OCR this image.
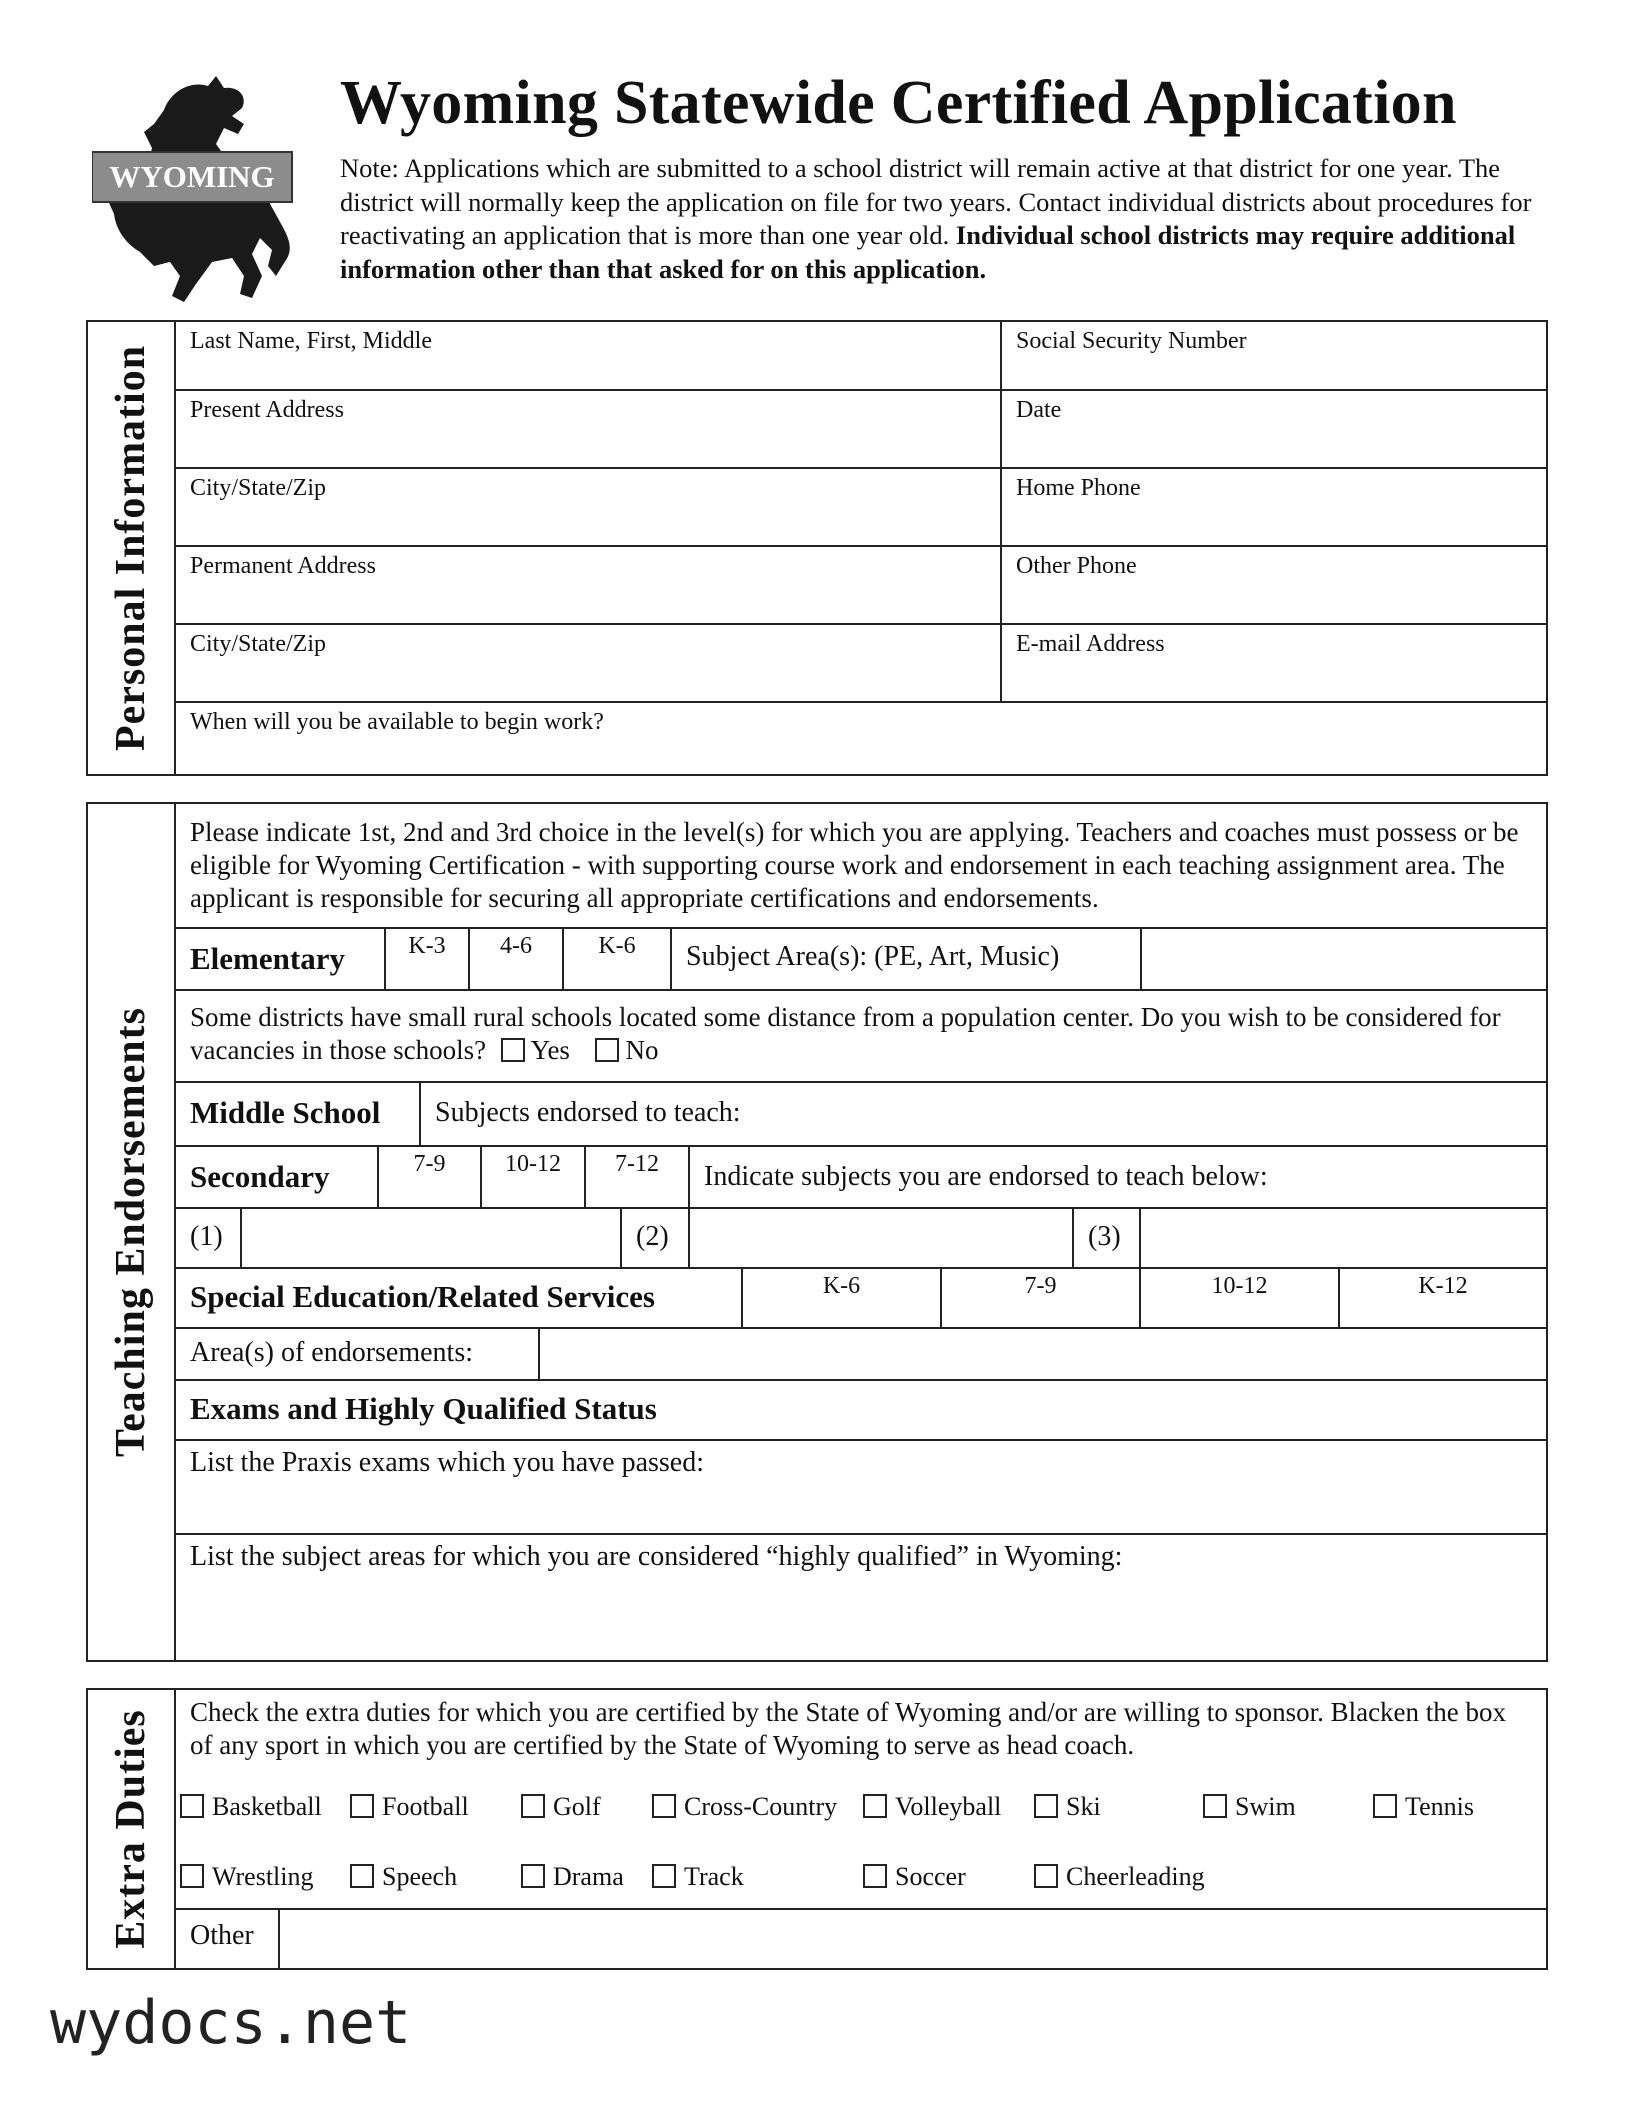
WYOMING
Wyoming Statewide Certified Application
Note: Applications which are submitted to a school district will remain active at that district for one year. The district will normally keep the application on file for two years. Contact individual districts about procedures for reactivating an application that is more than one year old. Individual school districts may require additional information other than that asked for on this application.
Personal Information
Last Name, First, Middle	Social Security Number
Present Address	Date
City/State/Zip	Home Phone
Permanent Address	Other Phone
City/State/Zip	E-mail Address
When will you be available to begin work?
Teaching Endorsements
Please indicate 1st, 2nd and 3rd choice in the level(s) for which you are applying. Teachers and coaches must possess or be eligible for Wyoming Certification - with supporting course work and endorsement in each teaching assignment area. The applicant is responsible for securing all appropriate certifications and endorsements.
Elementary	K-3	4-6	K-6	Subject Area(s): (PE, Art, Music)
Some districts have small rural schools located some distance from a population center. Do you wish to be considered for vacancies in those schools? Yes No
Middle School Subjects endorsed to teach:
Secondary	7-9	10-12	7-12	Indicate subjects you are endorsed to teach below:
(1)	(2)	(3)
Special Education/Related Services	K-6	7-9	10-12	K-12
Area(s) of endorsements:
Exams and Highly Qualified Status
List the Praxis exams which you have passed:
List the subject areas for which you are considered “highly qualified” in Wyoming:
Extra Duties Check the extra duties for which you are certified by the State of Wyoming and/or are willing to sponsor. Blacken the box of any sport in which you are certified by the State of Wyoming to serve as head coach.
Basketball	Football	Golf	Cross-Country	Volleyball	Ski	Swim	Tennis
Wrestling	Speech	Drama	Track	Soccer	Cheerleading
Other
wydocs.net
